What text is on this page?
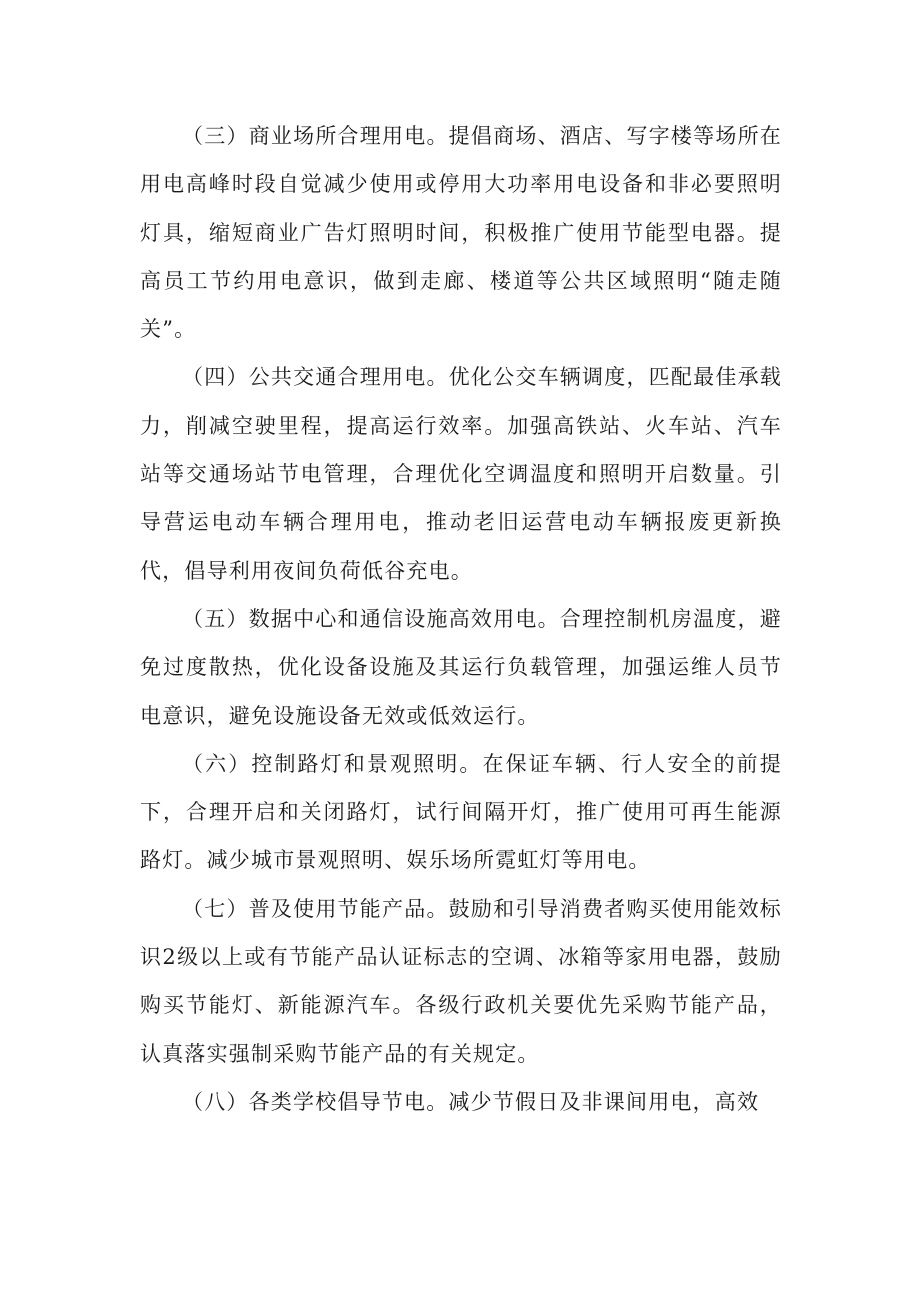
（三）商业场所合理用电。提倡商场、酒店、写字楼等场所在用电高峰时段自觉减少使用或停用大功率用电设备和非必要照明灯具，缩短商业广告灯照明时间，积极推广使用节能型电器。提高员工节约用电意识，做到走廊、楼道等公共区域照明“随走随关”。

（四）公共交通合理用电。优化公交车辆调度，匹配最佳承载力，削减空驶里程，提高运行效率。加强高铁站、火车站、汽车站等交通场站节电管理，合理优化空调温度和照明开启数量。引导营运电动车辆合理用电，推动老旧运营电动车辆报废更新换代，倡导利用夜间负荷低谷充电。

（五）数据中心和通信设施高效用电。合理控制机房温度，避免过度散热，优化设备设施及其运行负载管理，加强运维人员节电意识，避免设施设备无效或低效运行。

（六）控制路灯和景观照明。在保证车辆、行人安全的前提下，合理开启和关闭路灯，试行间隔开灯，推广使用可再生能源路灯。减少城市景观照明、娱乐场所霓虹灯等用电。

（七）普及使用节能产品。鼓励和引导消费者购买使用能效标识2级以上或有节能产品认证标志的空调、冰箱等家用电器，鼓励购买节能灯、新能源汽车。各级行政机关要优先采购节能产品，认真落实强制采购节能产品的有关规定。

（八）各类学校倡导节电。减少节假日及非课间用电，高效
